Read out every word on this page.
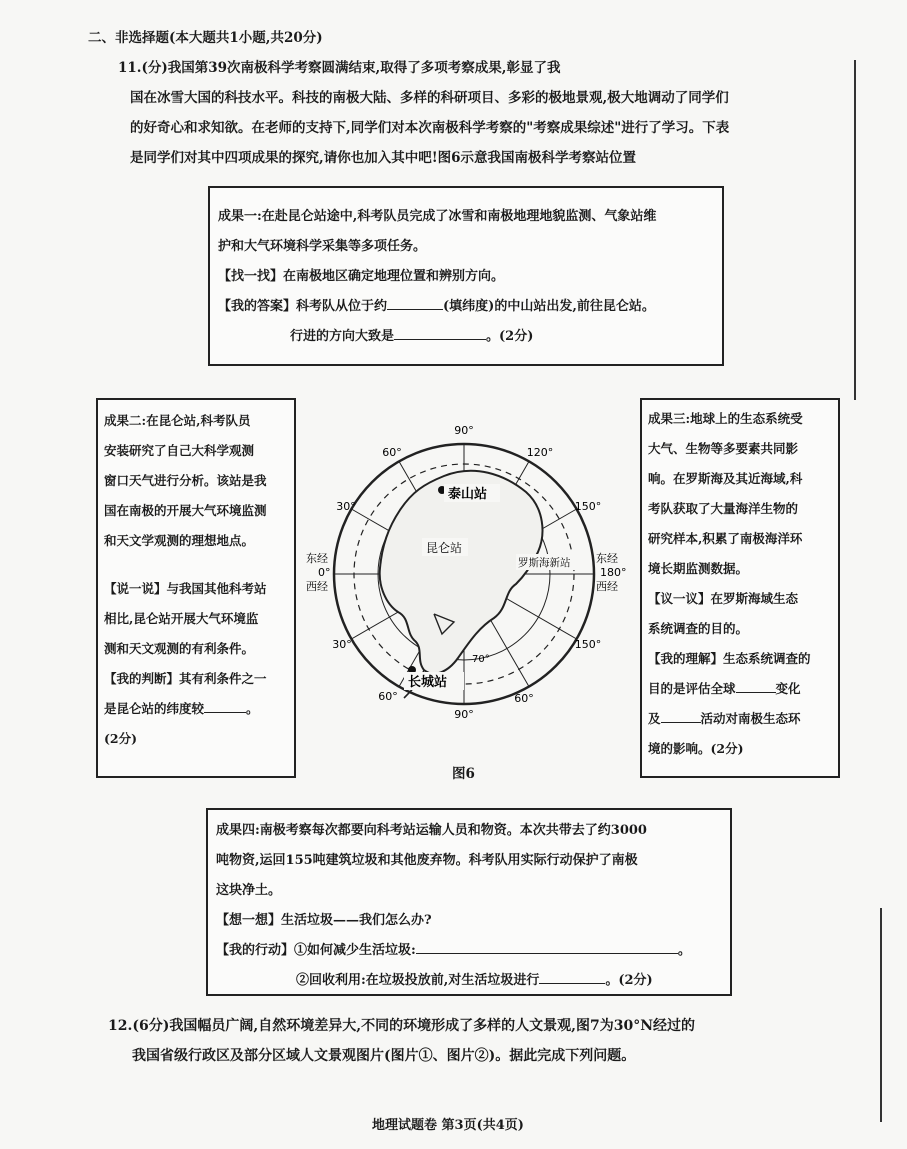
二、非选择题(本大题共1小题,共20分)
11.(分)我国第39次南极科学考察圆满结束,取得了多项考察成果,彰显了我
国在冰雪大国的科技水平。科技的南极大陆、多样的科研项目、多彩的极地景观,极大地调动了同学们
的好奇心和求知欲。在老师的支持下,同学们对本次南极科学考察的"考察成果综述"进行了学习。下表
是同学们对其中四项成果的探究,请你也加入其中吧!图6示意我国南极科学考察站位置
成果一:在赴昆仑站途中,科考队员完成了冰雪和南极地理地貌监测、气象站维
护和大气环境科学采集等多项任务。
【找一找】在南极地区确定地理位置和辨别方向。
【我的答案】科考队从位于约	(填纬度)的中山站出发,前往昆仑站。
行进的方向大致是	。(2分)
成果二:在昆仑站,科考队员
安装研究了自己大科学观测
窗口天气进行分析。该站是我
国在南极的开展大气环境监测
和天文学观测的理想地点。
【说一说】与我国其他科考站
相比,昆仑站开展大气环境监
测和天文观测的有利条件。
【我的判断】其有利条件之一
是昆仑站的纬度较	。
(2分)
成果三:地球上的生态系统受
大气、生物等多要素共同影
响。在罗斯海及其近海域,科
考队获取了大量海洋生物的
研究样本,积累了南极海洋环
境长期监测数据。
【议一议】在罗斯海域生态
系统调查的目的。
【我的理解】生态系统调查的
目的是评估全球	变化
及	活动对南极生态环
境的影响。(2分)
90°
120°
60°
30°	150°
150°
30°
60°
90°
60°
东经
0°
西经
东经
180°
西经
70°
泰山站
昆仑站
罗斯海新站
长城站
图6
成果四:南极考察每次都要向科考站运输人员和物资。本次共带去了约3000
吨物资,运回155吨建筑垃圾和其他废弃物。科考队用实际行动保护了南极
这块净土。
【想一想】生活垃圾——我们怎么办?
【我的行动】①如何减少生活垃圾:	。
②回收利用:在垃圾投放前,对生活垃圾进行	。(2分)
12.(6分)我国幅员广阔,自然环境差异大,不同的环境形成了多样的人文景观,图7为30°N经过的
我国省级行政区及部分区域人文景观图片(图片①、图片②)。据此完成下列问题。
地理试题卷 第3页(共4页)
